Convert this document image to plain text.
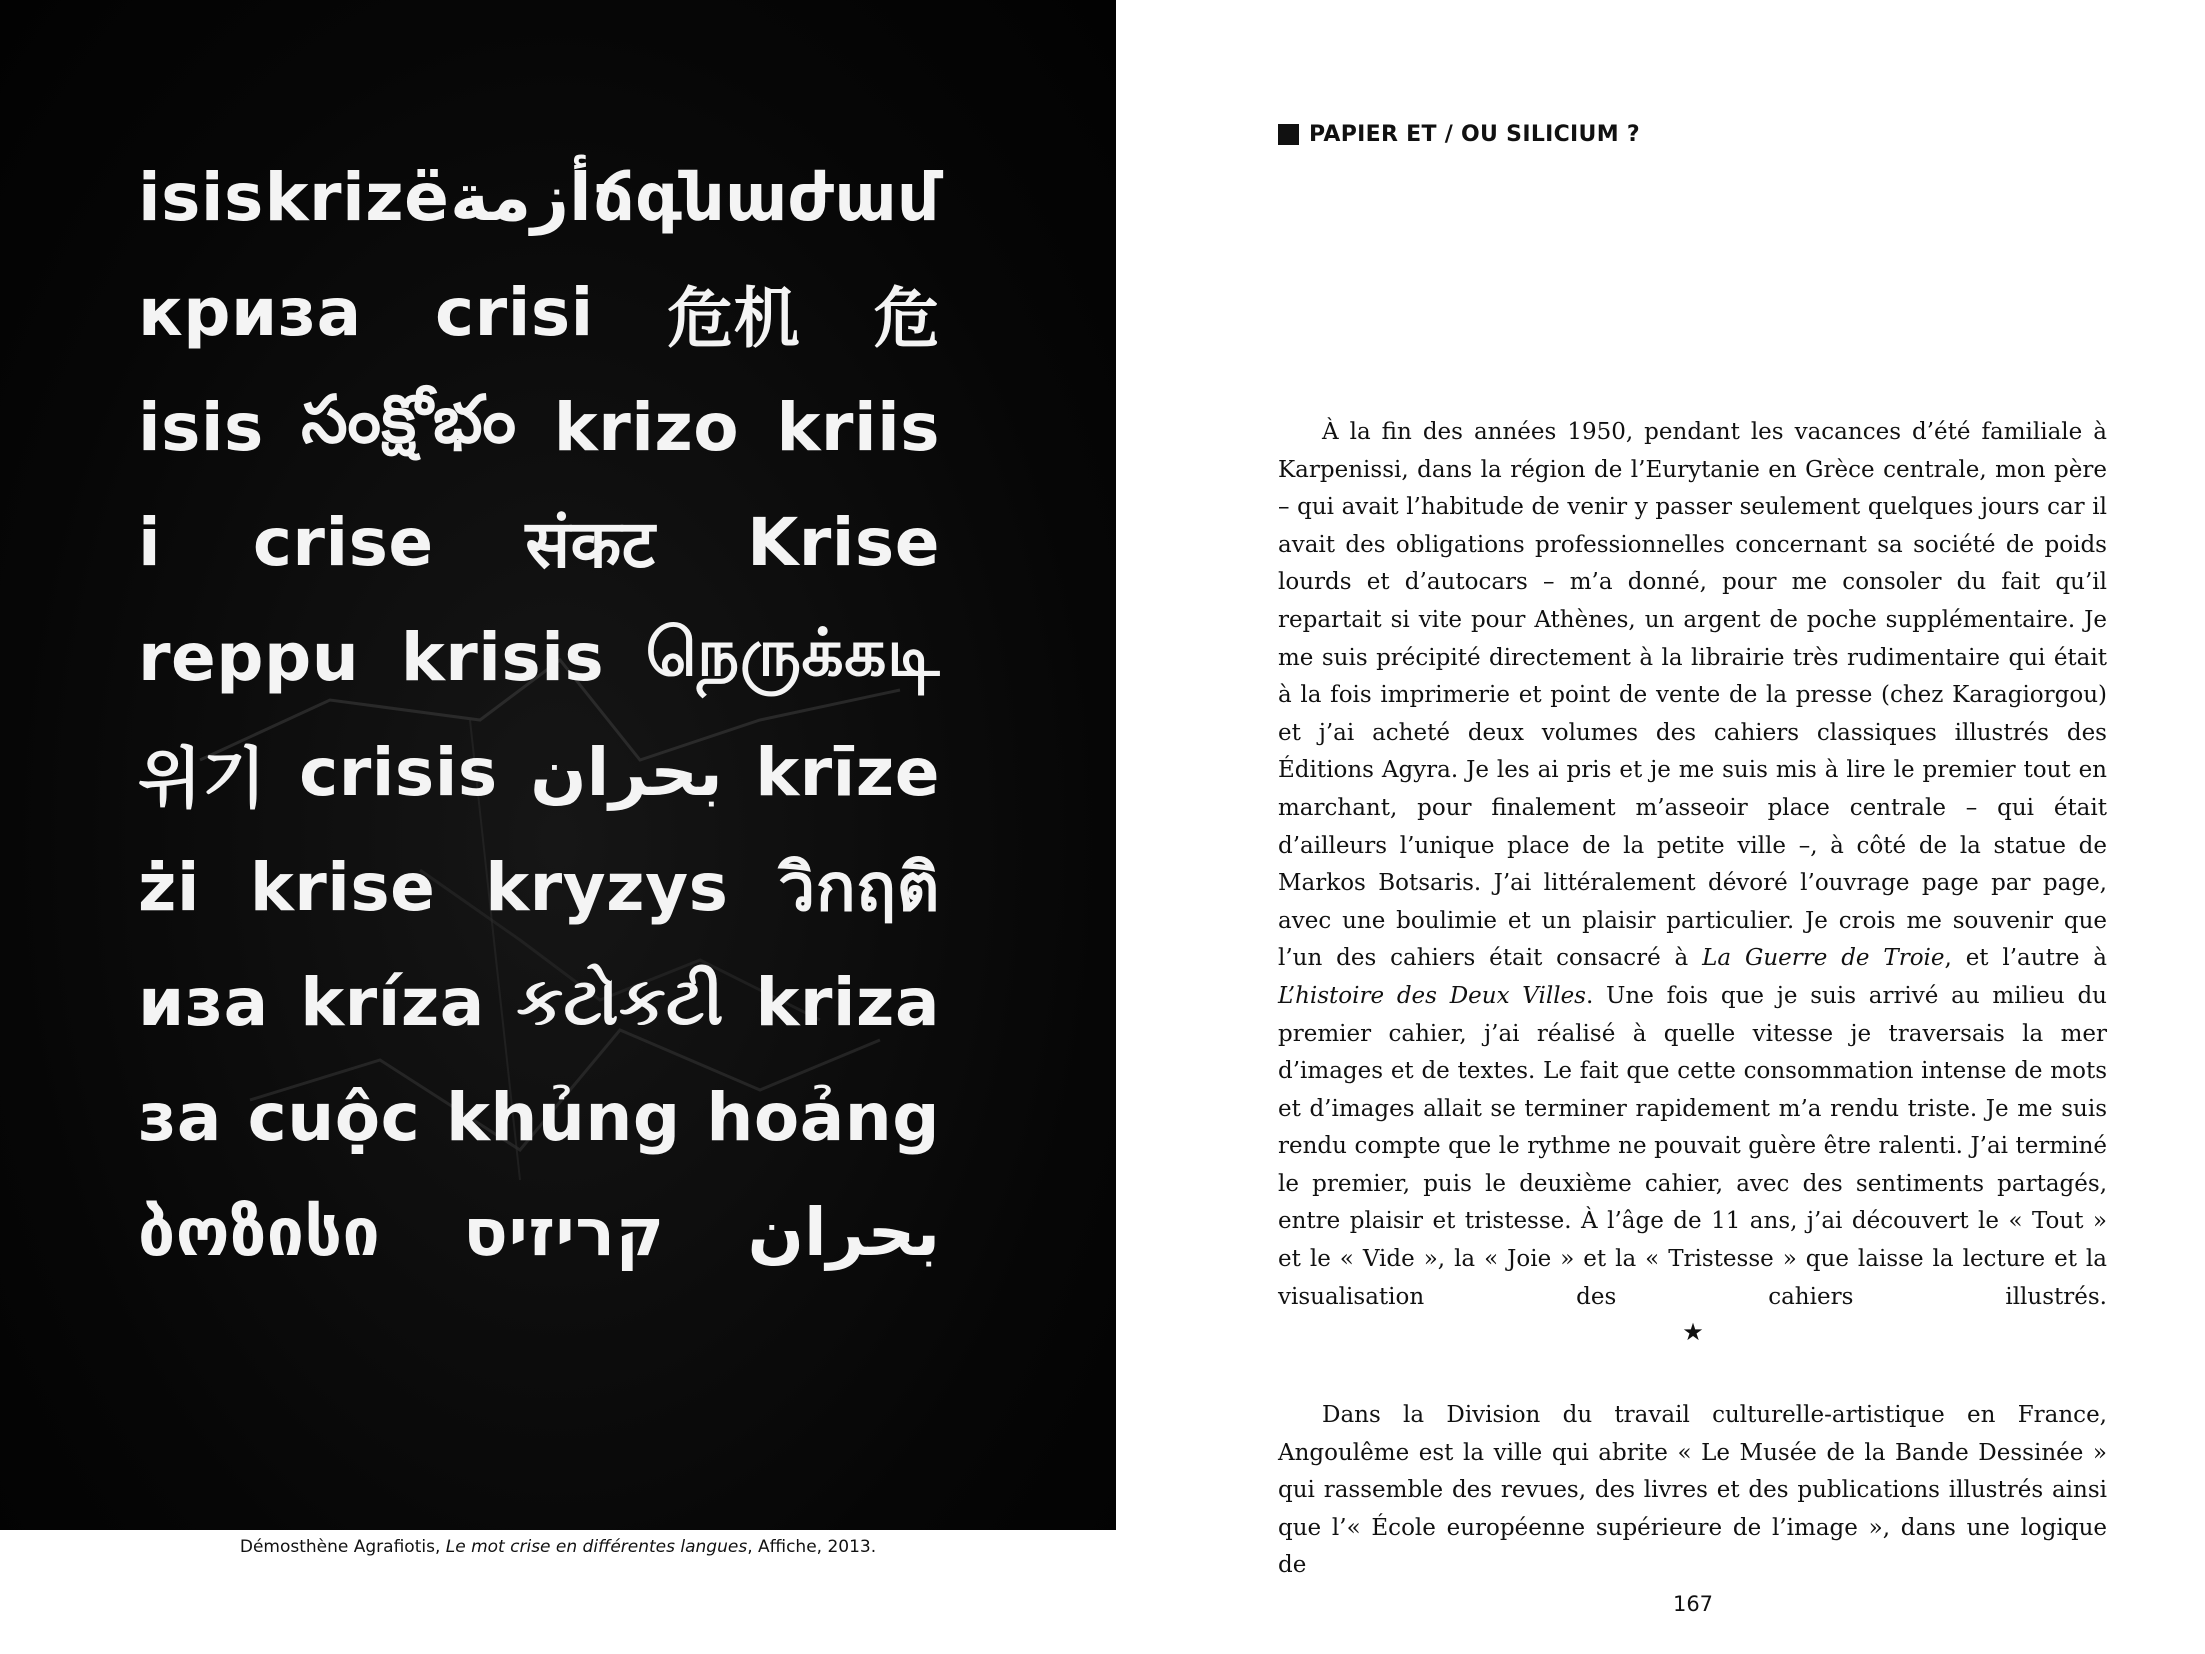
isis krizë أزمة ճգնաժամ
криза crisi 危机 危
isis సంక్షోభం krizo kriis
i crise संकट Krise
reppu krisis நெருக்கடி
위기 crisis بحران krīze
żi krise kryzys วิกฤติ
иза kríza કટોકટી kriza
за cuộc khủng hoảng
ბოზისი קריזיס بحران
Démosthène Agrafiotis, Le mot crise en différentes langues, Affiche, 2013.
PAPIER ET / OU SILICIUM ?
À la fin des années 1950, pendant les vacances d’été familiale à Karpenissi, dans la région de l’Eurytanie en Grèce centrale, mon père – qui avait l’habitude de venir y passer seulement quelques jours car il avait des obligations professionnelles concernant sa société de poids lourds et d’autocars – m’a donné, pour me consoler du fait qu’il repartait si vite pour Athènes, un argent de poche supplémentaire. Je me suis précipité directement à la librairie très rudimentaire qui était à la fois imprimerie et point de vente de la presse (chez Karagiorgou) et j’ai acheté deux volumes des cahiers classiques illustrés des Éditions Agyra. Je les ai pris et je me suis mis à lire le premier tout en marchant, pour finalement m’asseoir place centrale – qui était d’ailleurs l’unique place de la petite ville –, à côté de la statue de Markos Botsaris. J’ai littéralement dévoré l’ouvrage page par page, avec une boulimie et un plaisir particulier. Je crois me souvenir que l’un des cahiers était consacré à La Guerre de Troie, et l’autre à L’histoire des Deux Villes. Une fois que je suis arrivé au milieu du premier cahier, j’ai réalisé à quelle vitesse je traversais la mer d’images et de textes. Le fait que cette consommation intense de mots et d’images allait se terminer rapidement m’a rendu triste. Je me suis rendu compte que le rythme ne pouvait guère être ralenti. J’ai terminé le premier, puis le deuxième cahier, avec des sentiments partagés, entre plaisir et tristesse. À l’âge de 11 ans, j’ai découvert le « Tout » et le « Vide », la « Joie » et la « Tristesse » que laisse la lecture et la visualisation des cahiers illustrés.
★
Dans la Division du travail culturelle-artistique en France, Angoulême est la ville qui abrite « Le Musée de la Bande Dessinée » qui rassemble des revues, des livres et des publications illustrés ainsi que l’« École européenne supérieure de l’image », dans une logique de
167
